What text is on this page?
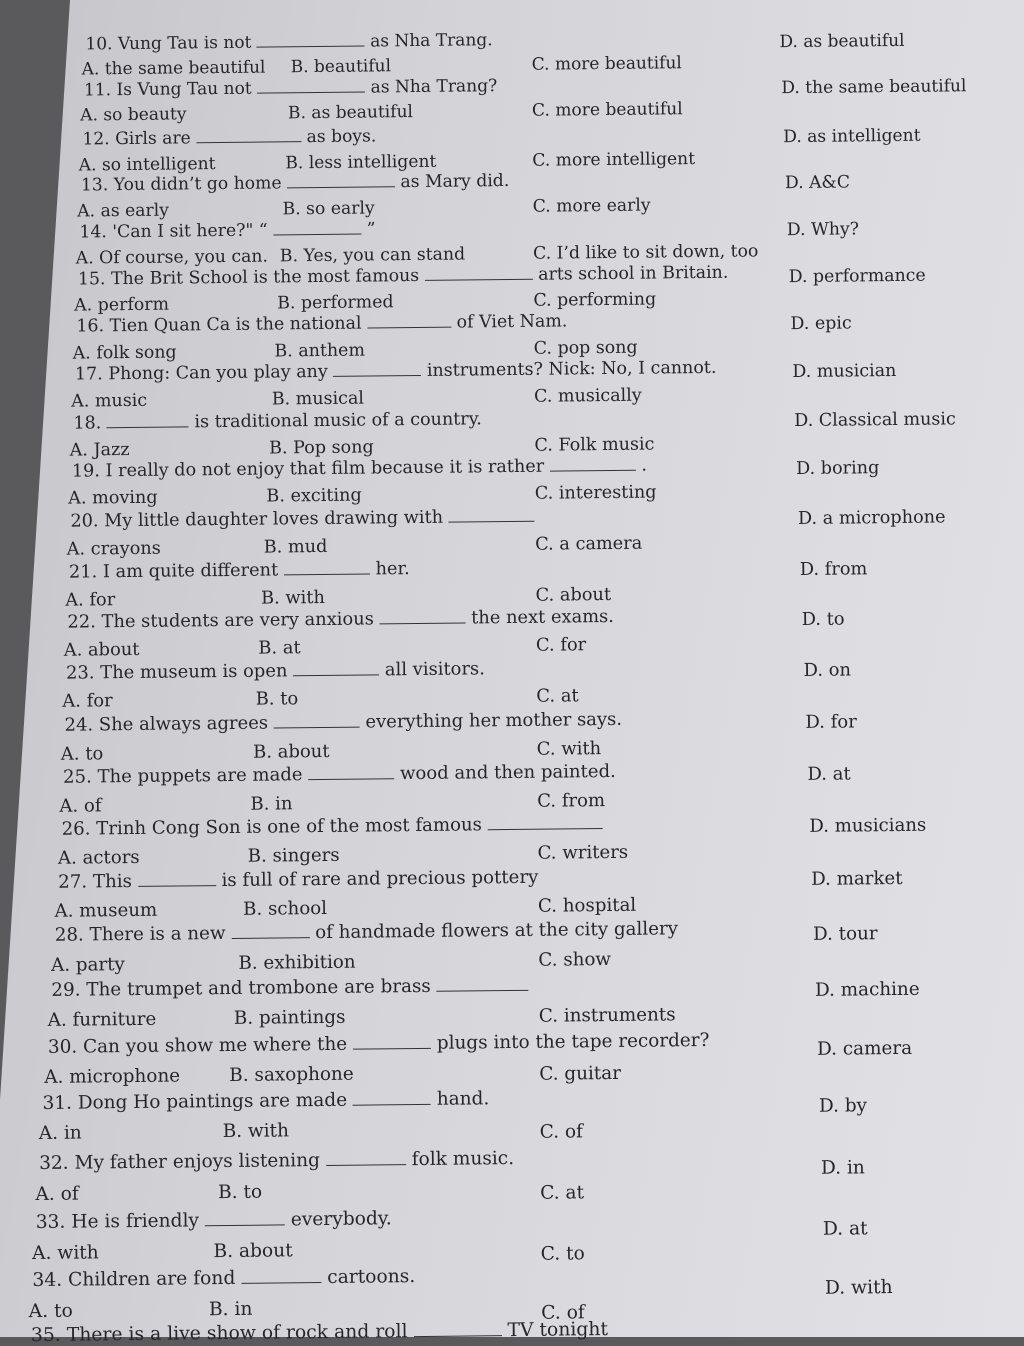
10. Vung Tau is not	as Nha Trang.
A. the same beautiful B. beautiful	C. more beautiful
D. as beautiful
11. Is Vung Tau not	as Nha Trang?
A. so beauty	B. as beautiful	C. more beautiful
D. the same beautiful
12. Girls are	as boys.
A. so intelligent	B. less intelligent	C. more intelligent
D. as intelligent
13. You didn’t go home	as Mary did.
A. as early	B. so early	C. more early
D. A&C
14. 'Can I sit here?" “	”
A. Of course, you can. B. Yes, you can stand	C. I’d like to sit down, too
D. Why?
15. The Brit School is the most famous	arts school in Britain.
A. perform	B. performed	C. performing
D. performance
16. Tien Quan Ca is the national	of Viet Nam.
A. folk song	B. anthem	C. pop song
D. epic
17. Phong: Can you play any	instruments? Nick: No, I cannot.
A. music	B. musical	C. musically
D. musician
18.	is traditional music of a country.
A. Jazz	B. Pop song	C. Folk music
D. Classical music
19. I really do not enjoy that film because it is rather	.
A. moving	B. exciting	C. interesting
D. boring
20. My little daughter loves drawing with
A. crayons	B. mud	C. a camera
D. a microphone
21. I am quite different	her.
A. for	B. with	C. about
D. from
22. The students are very anxious	the next exams.
A. about	B. at	C. for
D. to
23. The museum is open	all visitors.
A. for	B. to	C. at
D. on
24. She always agrees	everything her mother says.
A. to	B. about	C. with
D. for
25. The puppets are made	wood and then painted.
A. of	B. in	C. from
D. at
26. Trinh Cong Son is one of the most famous
A. actors	B. singers	C. writers
D. musicians
27. This	is full of rare and precious pottery
A. museum	B. school	C. hospital
D. market
28. There is a new	of handmade flowers at the city gallery
A. party	B. exhibition	C. show
D. tour
29. The trumpet and trombone are brass
A. furniture	B. paintings	C. instruments
D. machine
30. Can you show me where the	plugs into the tape recorder?
A. microphone	B. saxophone	C. guitar
D. camera
31. Dong Ho paintings are made	hand.
A. in	B. with	C. of
D. by
32. My father enjoys listening	folk music.
A. of	B. to	C. at
D. in
33. He is friendly	everybody.
A. with	B. about	C. to
D. at
34. Children are fond	cartoons.
A. to	B. in	C. of
D. with
35. There is a live show of rock and roll	TV tonight
